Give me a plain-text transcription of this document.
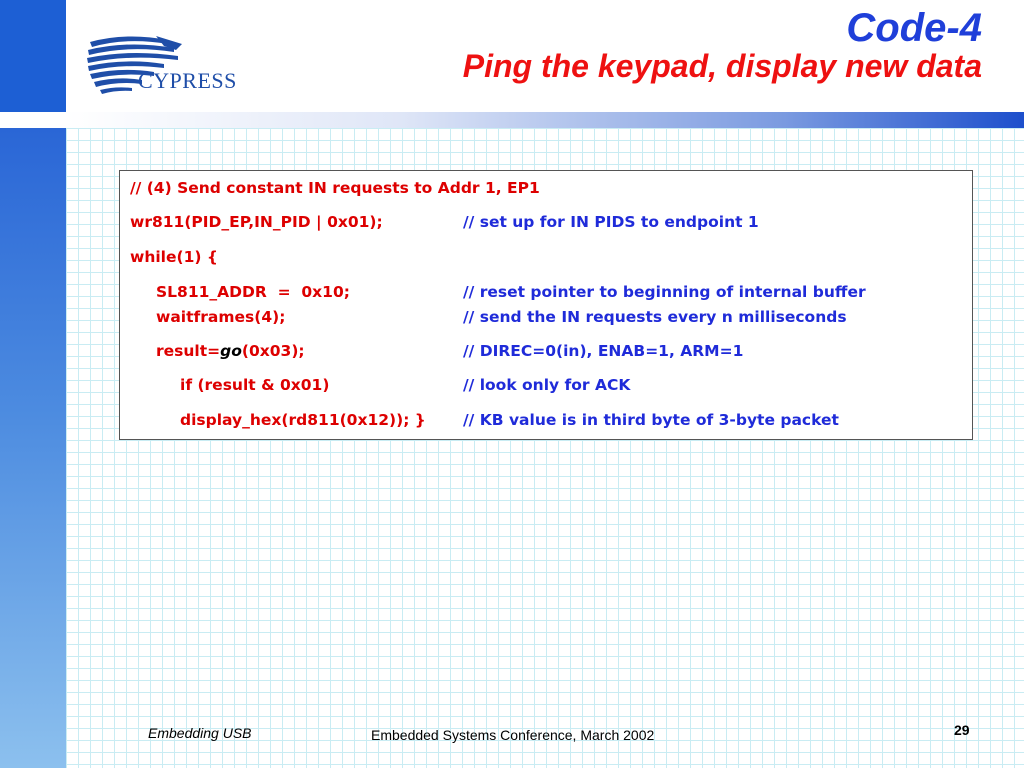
CYPRESS
Code-4
Ping the keypad, display new data
// (4) Send constant IN requests to Addr 1, EP1
wr811(PID_EP,IN_PID | 0x01);	// set up for IN PIDS to endpoint 1
while(1) {
SL811_ADDR  =  0x10;	// reset pointer to beginning of internal buffer
waitframes(4);	// send the IN requests every n milliseconds
result=go(0x03);	// DIREC=0(in), ENAB=1, ARM=1
if (result & 0x01)	// look only for ACK
display_hex(rd811(0x12)); } // KB value is in third byte of 3-byte packet
Embedding USB	Embedded Systems Conference, March 2002	29
